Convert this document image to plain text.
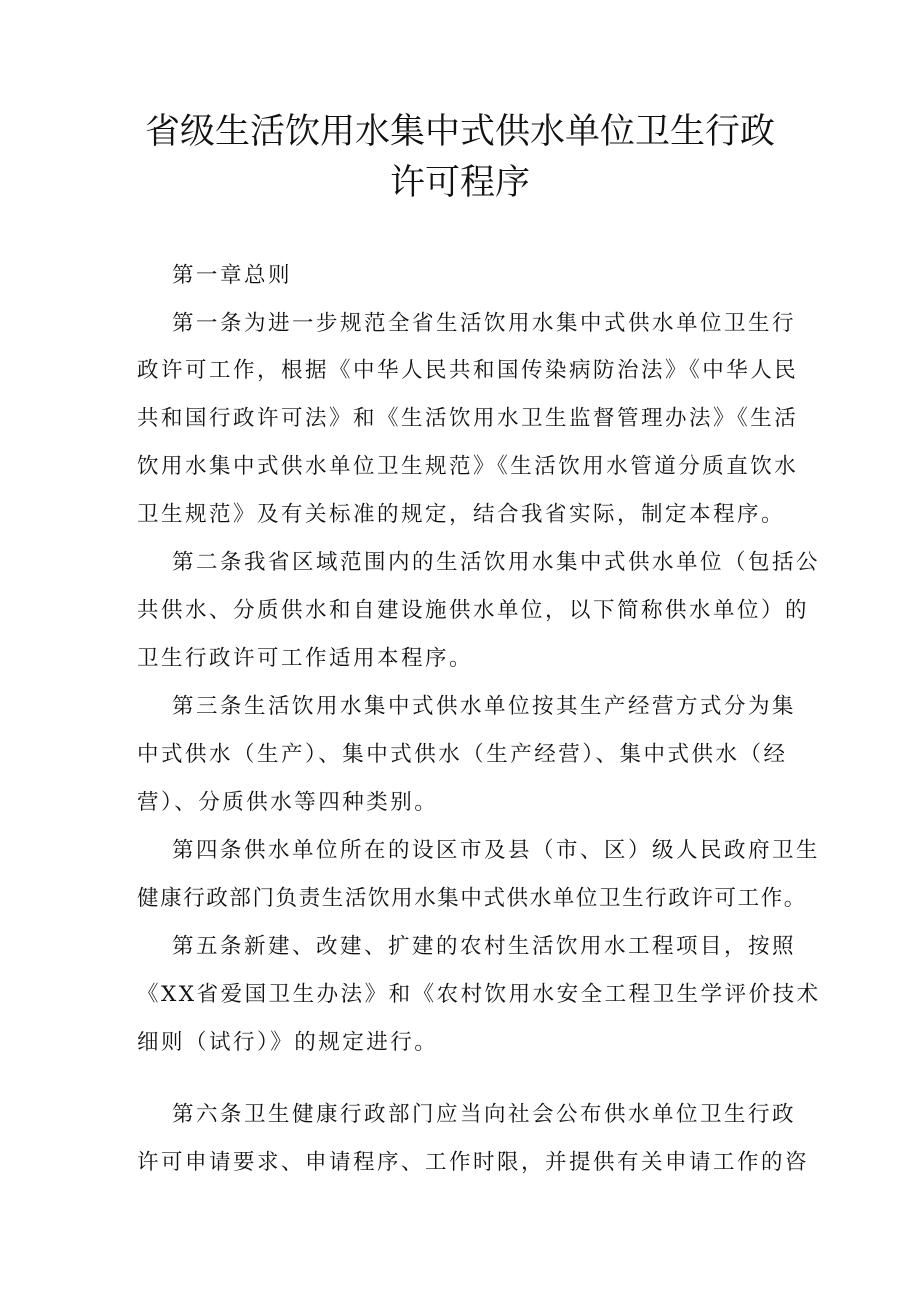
省级生活饮用水集中式供水单位卫生行政
许可程序
第一章总则
第一条为进一步规范全省生活饮用水集中式供水单位卫生行
政许可工作，根据《中华人民共和国传染病防治法》《中华人民
共和国行政许可法》和《生活饮用水卫生监督管理办法》《生活
饮用水集中式供水单位卫生规范》《生活饮用水管道分质直饮水
卫生规范》及有关标准的规定，结合我省实际，制定本程序。
第二条我省区域范围内的生活饮用水集中式供水单位（包括公
共供水、分质供水和自建设施供水单位，以下简称供水单位）的
卫生行政许可工作适用本程序。
第三条生活饮用水集中式供水单位按其生产经营方式分为集
中式供水（生产）、集中式供水（生产经营）、集中式供水（经
营）、分质供水等四种类别。
第四条供水单位所在的设区市及县（市、区）级人民政府卫生
健康行政部门负责生活饮用水集中式供水单位卫生行政许可工作。
第五条新建、改建、扩建的农村生活饮用水工程项目，按照
《XX省爱国卫生办法》和《农村饮用水安全工程卫生学评价技术
细则（试行）》的规定进行。
第六条卫生健康行政部门应当向社会公布供水单位卫生行政
许可申请要求、申请程序、工作时限，并提供有关申请工作的咨
